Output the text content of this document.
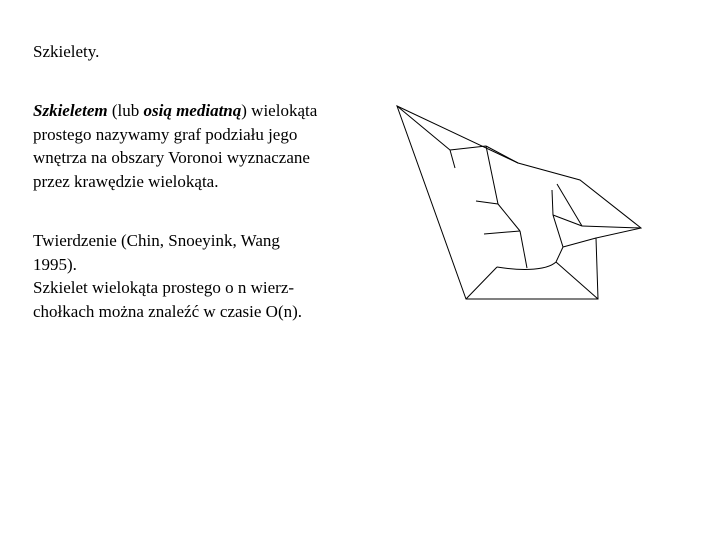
Szkielety.
Szkieletem (lub osią mediatną) wielokąta
prostego nazywamy graf podziału jego
wnętrza na obszary Voronoi wyznaczane
przez krawędzie wielokąta.
Twierdzenie (Chin, Snoeyink, Wang
1995).
Szkielet wielokąta prostego o n wierz-
chołkach można znaleźć w czasie O(n).
